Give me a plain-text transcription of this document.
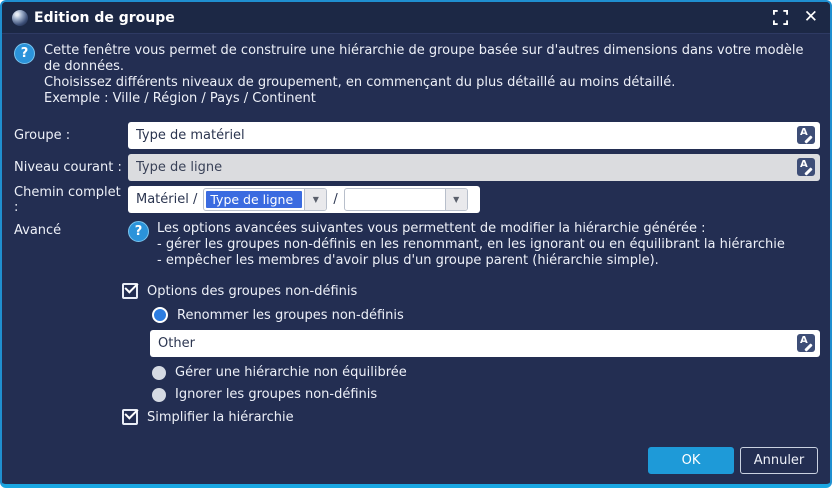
Edition de groupe	✕
?	Cette fenêtre vous permet de construire une hiérarchie de groupe basée sur d'autres dimensions dans votre modèle de données.
Choisissez différents niveaux de groupement, en commençant du plus détaillé au moins détaillé.
Exemple : Ville / Région / Pays / Continent
Groupe :
Type de matériel	A
Niveau courant :
Type de ligne	A
Chemin complet :	Matériel /	Type de ligne	▼	/	▼
Avancé	?	Les options avancées suivantes vous permettent de modifier la hiérarchie générée :
- gérer les groupes non-définis en les renommant, en les ignorant ou en équilibrant la hiérarchie
- empêcher les membres d'avoir plus d'un groupe parent (hiérarchie simple).
Options des groupes non-définis
Renommer les groupes non-définis
Other
A
Gérer une hiérarchie non équilibrée
Ignorer les groupes non-définis
Simplifier la hiérarchie
OK	Annuler
